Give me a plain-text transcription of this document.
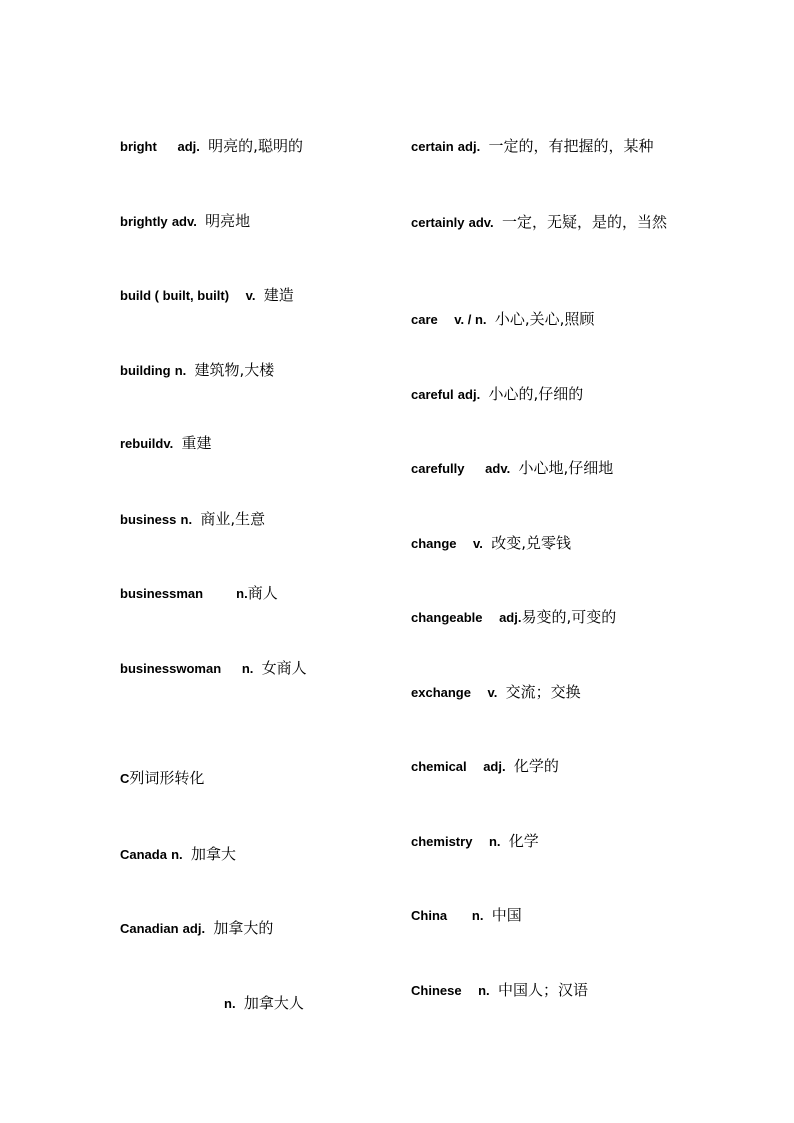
bright adj. 明亮的,聪明的
brightly adv. 明亮地
build ( built, built) v. 建造
building n. 建筑物,大楼
rebuildv. 重建
business n. 商业,生意
businessman	n.商人
businesswoman n. 女商人
C列词形转化
Canada n. 加拿大
Canadian adj. 加拿大的
n. 加拿大人
certain adj. 一定的，有把握的，某种
certainly adv. 一定，无疑，是的，当然
care v. / n. 小心,关心,照顾
careful adj. 小心的,仔细的
carefully adv. 小心地,仔细地
change v. 改变,兑零钱
changeable adj.易变的,可变的
exchange v. 交流；交换
chemical adj. 化学的
chemistry n. 化学
China n. 中国
Chinese n. 中国人；汉语
